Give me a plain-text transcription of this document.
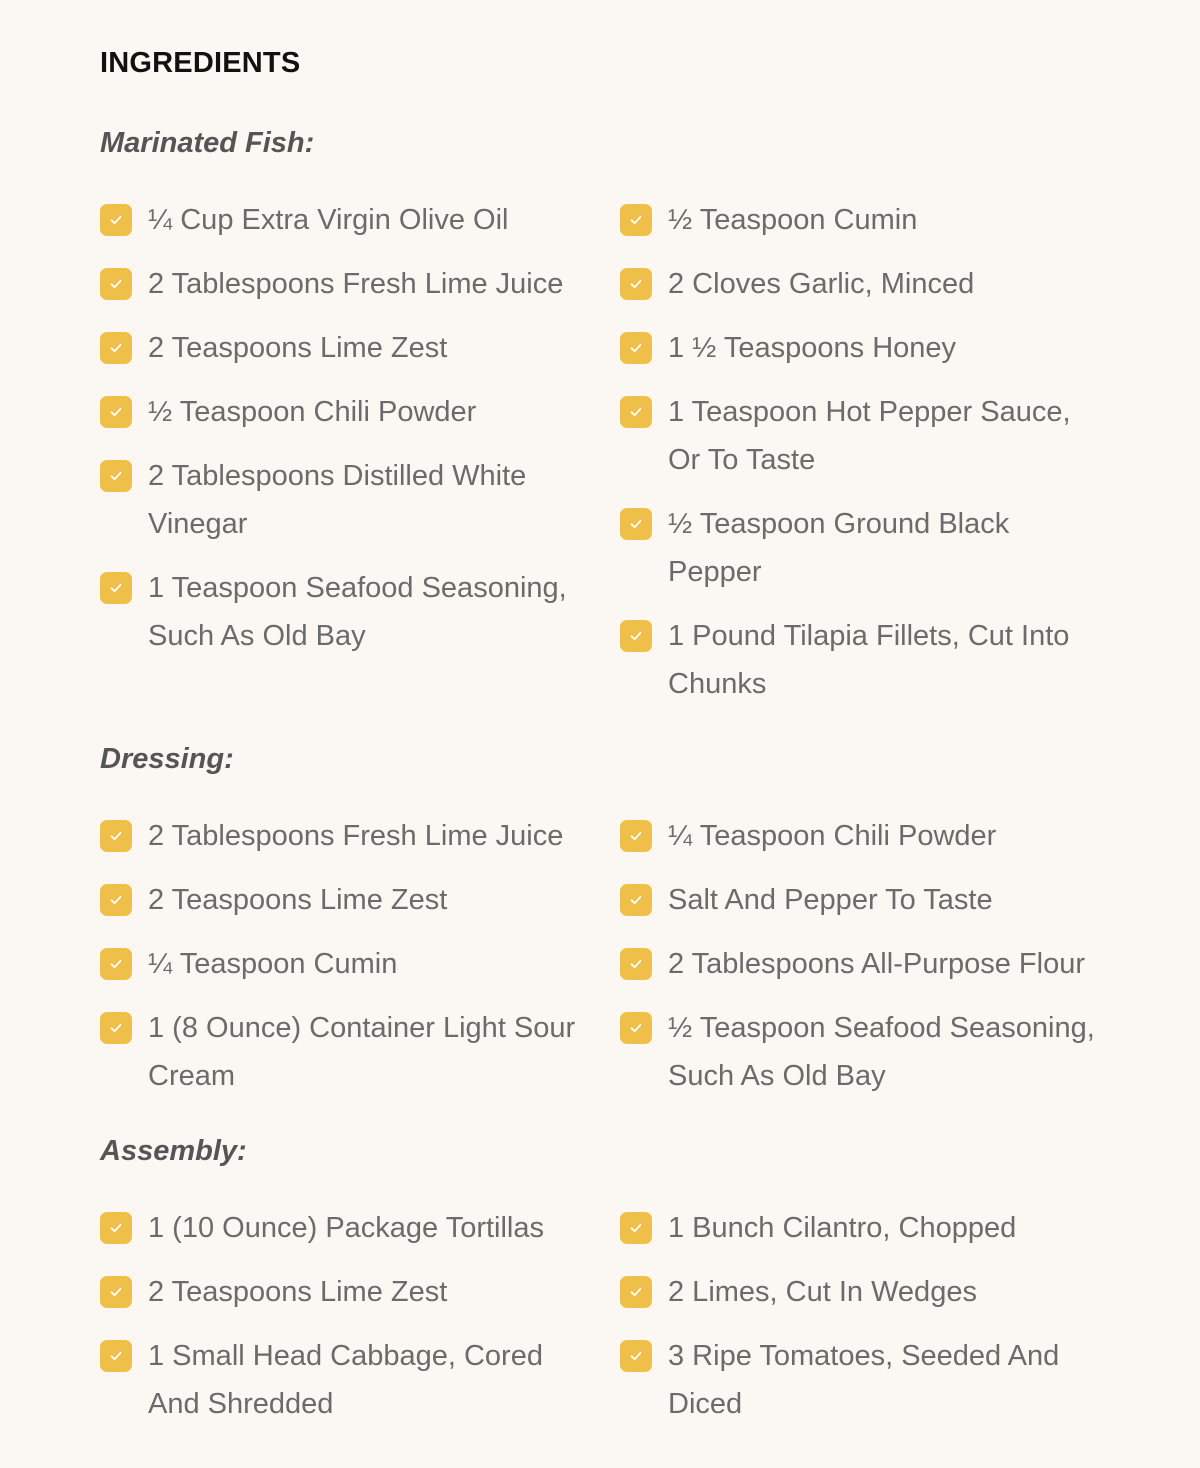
INGREDIENTS
Marinated Fish:
¼ Cup Extra Virgin Olive Oil
2 Tablespoons Fresh Lime Juice
2 Teaspoons Lime Zest
½ Teaspoon Chili Powder
2 Tablespoons Distilled White Vinegar
1 Teaspoon Seafood Seasoning, Such As Old Bay
½ Teaspoon Cumin
2 Cloves Garlic, Minced
1 ½ Teaspoons Honey
1 Teaspoon Hot Pepper Sauce, Or To Taste
½ Teaspoon Ground Black Pepper
1 Pound Tilapia Fillets, Cut Into Chunks
Dressing:
2 Tablespoons Fresh Lime Juice
2 Teaspoons Lime Zest
¼ Teaspoon Cumin
1 (8 Ounce) Container Light Sour Cream
¼ Teaspoon Chili Powder
Salt And Pepper To Taste
2 Tablespoons All-Purpose Flour
½ Teaspoon Seafood Seasoning, Such As Old Bay
Assembly:
1 (10 Ounce) Package Tortillas
2 Teaspoons Lime Zest
1 Small Head Cabbage, Cored And Shredded
1 Bunch Cilantro, Chopped
2 Limes, Cut In Wedges
3 Ripe Tomatoes, Seeded And Diced
